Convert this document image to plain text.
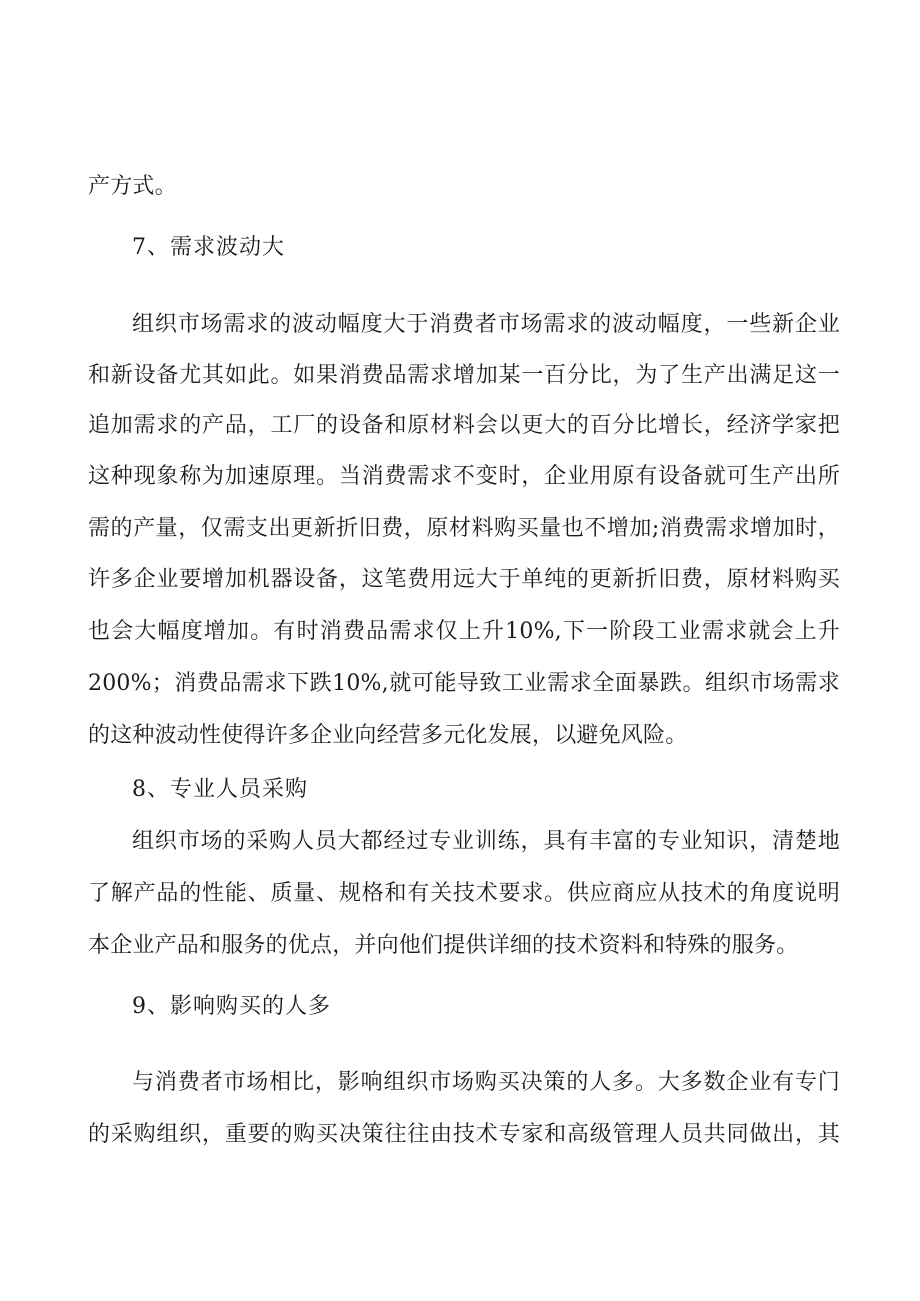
产方式。
7、需求波动大
组织市场需求的波动幅度大于消费者市场需求的波动幅度，一些新企业
和新设备尤其如此。如果消费品需求增加某一百分比，为了生产出满足这一
追加需求的产品，工厂的设备和原材料会以更大的百分比增长，经济学家把
这种现象称为加速原理。当消费需求不变时，企业用原有设备就可生产出所
需的产量，仅需支出更新折旧费，原材料购买量也不增加;消费需求增加时，
许多企业要增加机器设备，这笔费用远大于单纯的更新折旧费，原材料购买
也会大幅度增加。有时消费品需求仅上升10%,下一阶段工业需求就会上升
200%；消费品需求下跌10%,就可能导致工业需求全面暴跌。组织市场需求
的这种波动性使得许多企业向经营多元化发展，以避免风险。
8、专业人员采购
组织市场的采购人员大都经过专业训练，具有丰富的专业知识，清楚地
了解产品的性能、质量、规格和有关技术要求。供应商应从技术的角度说明
本企业产品和服务的优点，并向他们提供详细的技术资料和特殊的服务。
9、影响购买的人多
与消费者市场相比，影响组织市场购买决策的人多。大多数企业有专门
的采购组织，重要的购买决策往往由技术专家和高级管理人员共同做出，其
